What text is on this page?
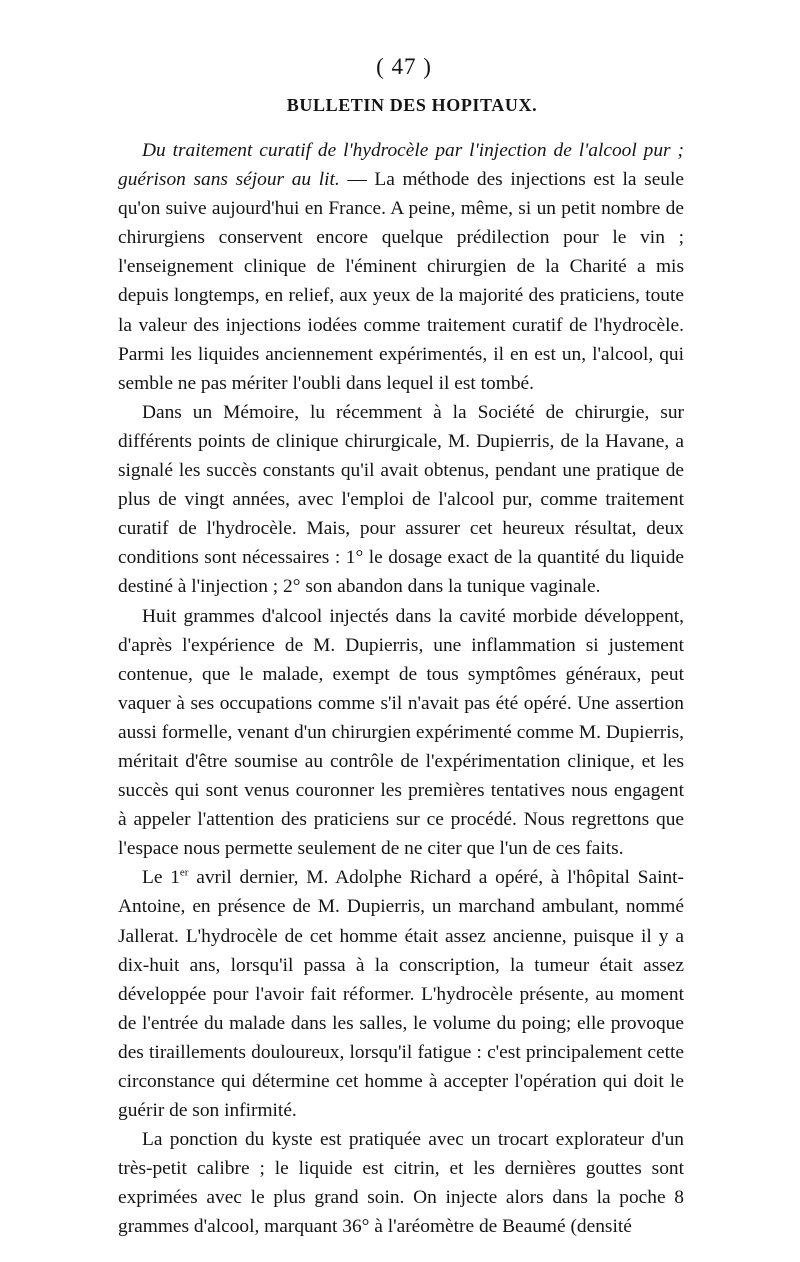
( 47 )
BULLETIN DES HOPITAUX.

Du traitement curatif de l'hydrocèle par l'injection de l'alcool pur ; guérison sans séjour au lit. — La méthode des injections est la seule qu'on suive aujourd'hui en France. A peine, même, si un petit nombre de chirurgiens conservent encore quelque prédilection pour le vin ; l'enseignement clinique de l'éminent chirurgien de la Charité a mis depuis longtemps, en relief, aux yeux de la majorité des praticiens, toute la valeur des injections iodées comme traitement curatif de l'hydrocèle. Parmi les liquides anciennement expérimentés, il en est un, l'alcool, qui semble ne pas mériter l'oubli dans lequel il est tombé.

Dans un Mémoire, lu récemment à la Société de chirurgie, sur différents points de clinique chirurgicale, M. Dupierris, de la Havane, a signalé les succès constants qu'il avait obtenus, pendant une pratique de plus de vingt années, avec l'emploi de l'alcool pur, comme traitement curatif de l'hydrocèle. Mais, pour assurer cet heureux résultat, deux conditions sont nécessaires : 1° le dosage exact de la quantité du liquide destiné à l'injection ; 2° son abandon dans la tunique vaginale.

Huit grammes d'alcool injectés dans la cavité morbide développent, d'après l'expérience de M. Dupierris, une inflammation si justement contenue, que le malade, exempt de tous symptômes généraux, peut vaquer à ses occupations comme s'il n'avait pas été opéré. Une assertion aussi formelle, venant d'un chirurgien expérimenté comme M. Dupierris, méritait d'être soumise au contrôle de l'expérimentation clinique, et les succès qui sont venus couronner les premières tentatives nous engagent à appeler l'attention des praticiens sur ce procédé. Nous regrettons que l'espace nous permette seulement de ne citer que l'un de ces faits.

Le 1er avril dernier, M. Adolphe Richard a opéré, à l'hôpital Saint-Antoine, en présence de M. Dupierris, un marchand ambulant, nommé Jallerat. L'hydrocèle de cet homme était assez ancienne, puisque il y a dix-huit ans, lorsqu'il passa à la conscription, la tumeur était assez développée pour l'avoir fait réformer. L'hydrocèle présente, au moment de l'entrée du malade dans les salles, le volume du poing; elle provoque des tiraillements douloureux, lorsqu'il fatigue : c'est principalement cette circonstance qui détermine cet homme à accepter l'opération qui doit le guérir de son infirmité.

La ponction du kyste est pratiquée avec un trocart explorateur d'un très-petit calibre ; le liquide est citrin, et les dernières gouttes sont exprimées avec le plus grand soin. On injecte alors dans la poche 8 grammes d'alcool, marquant 36° à l'aréomètre de Beaumé (densité
